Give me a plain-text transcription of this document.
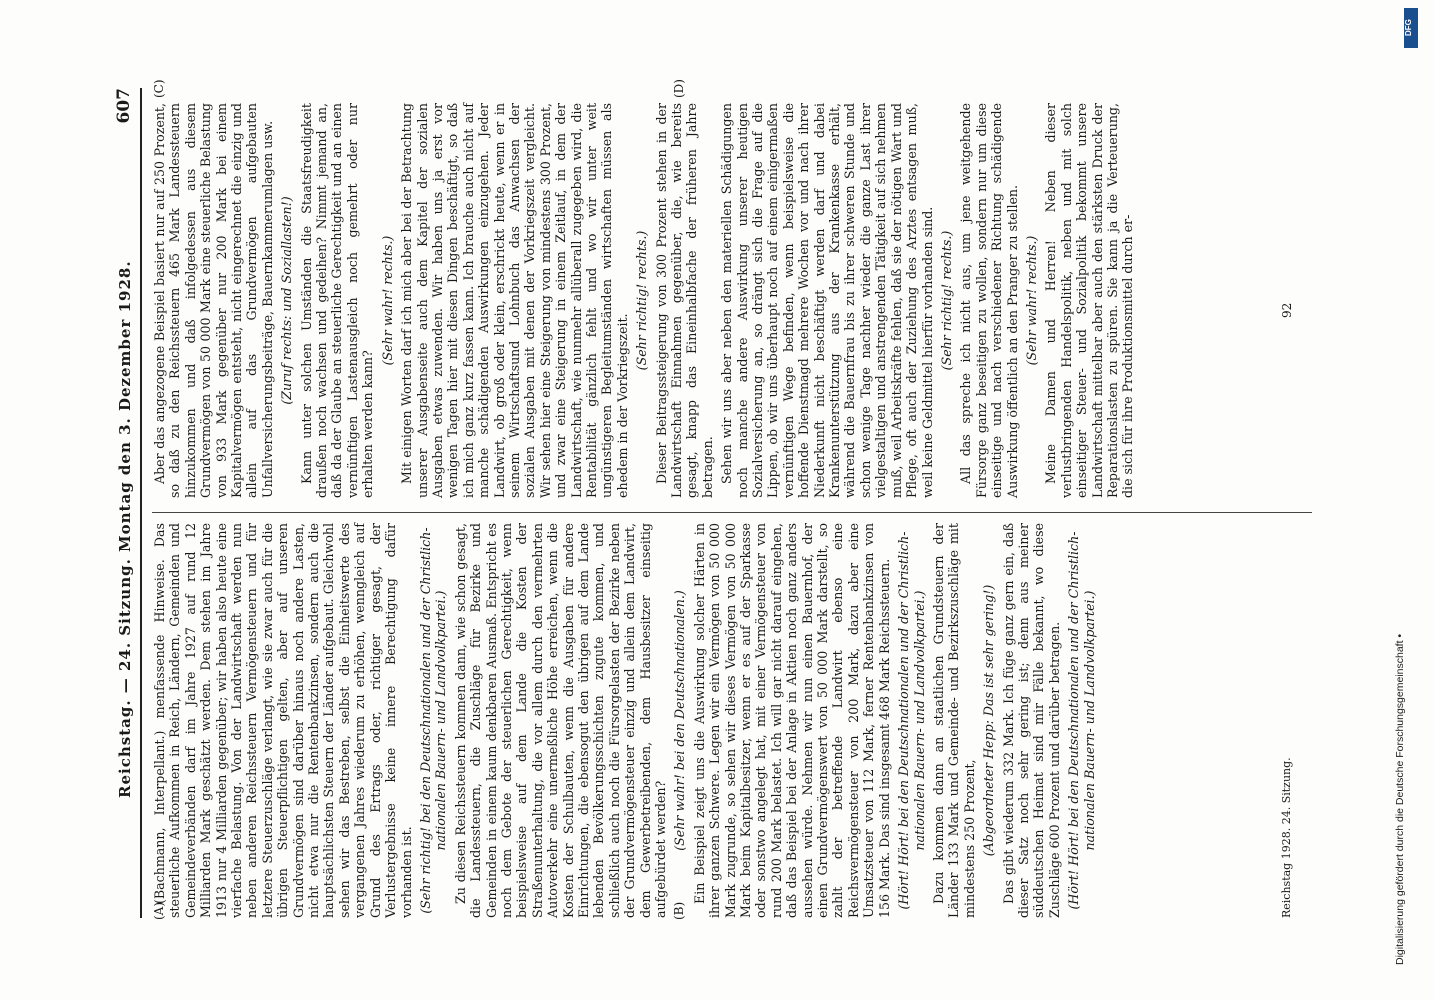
Reichstag. — 24. Sitzung. Montag den 3. Dezember 1928.
607
(A)	(B)
(C)	(D)

(Bachmann, Interpellant.) menfassende Hinweise. Das steuerliche Aufkommen in Reich, Ländern, Gemeinden und Gemeindeverbänden darf im Jahre 1927 auf rund 12 Milliarden Mark geschätzt werden. Dem stehen im Jahre 1913 nur 4 Milliarden gegenüber; wir haben also heute eine vierfache Belastung. Von der Landwirtschaft werden nun neben anderen Reichssteuern Vermögensteuern und für letztere Steuerzuschläge verlangt, wie sie zwar auch für die übrigen Steuerpflichtigen gelten, aber auf unseren Grundvermögen sind darüber hinaus noch andere Lasten, nicht etwa nur die Rentenbankzinsen, sondern auch die hauptsächlichsten Steuern der Länder aufgebaut. Gleichwohl sehen wir das Bestreben, selbst die Einheitswerte des vergangenen Jahres wiederum zu erhöhen, wenngleich auf Grund des Ertrags oder, richtiger gesagt, der Verlustergebnisse keine innere Berechtigung dafür vorhanden ist. (Sehr richtig! bei den Deutschnationalen und der Christlich-nationalen Bauern- und Landvolkpartei.) Zu diesen Reichssteuern kommen dann, wie schon gesagt, die Landessteuern, die Zuschläge für Bezirke und Gemeinden in einem kaum denkbaren Ausmaß. Entspricht es noch dem Gebote der steuerlichen Gerechtigkeit, wenn beispielsweise auf dem Lande die Kosten der Straßenunterhaltung, die vor allem durch den vermehrten Autoverkehr eine unermeßliche Höhe erreichen, wenn die Kosten der Schulbauten, wenn die Ausgaben für andere Einrichtungen, die ebensogut den übrigen auf dem Lande lebenden Bevölkerungsschichten zugute kommen, und schließlich auch noch die Fürsorgelasten der Bezirke neben der Grundvermögensteuer einzig und allein dem Landwirt, dem Gewerbetreibenden, dem Hausbesitzer einseitig aufgebürdet werden? (Sehr wahr! bei den Deutschnationalen.) Ein Beispiel zeigt uns die Auswirkung solcher Härten in ihrer ganzen Schwere. Legen wir ein Vermögen von 50 000 Mark zugrunde, so sehen wir dieses Vermögen von 50 000 Mark beim Kapitalbesitzer, wenn er es auf der Sparkasse oder sonstwo angelegt hat, mit einer Vermögensteuer von rund 200 Mark belastet. Ich will gar nicht darauf eingehen, daß das Beispiel bei der Anlage in Aktien noch ganz anders aussehen würde. Nehmen wir nun einen Bauernhof, der einen Grundvermögenswert von 50 000 Mark darstellt, so zahlt der betreffende Landwirt ebenso eine Reichsvermögensteuer von 200 Mark, dazu aber eine Umsatzsteuer von 112 Mark, ferner Rentenbankzinsen von 156 Mark. Das sind insgesamt 468 Mark Reichssteuern. (Hört! Hört! bei den Deutschnationalen und der Christlich-nationalen Bauern- und Landvolkpartei.) Dazu kommen dann an staatlichen Grundsteuern der Länder 133 Mark und Gemeinde- und Bezirkszuschläge mit mindestens 250 Prozent, (Abgeordneter Hepp: Das ist sehr gering!) Das gibt wiederum 332 Mark. Ich füge ganz gern ein, daß dieser Satz noch sehr gering ist; denn aus meiner süddeutschen Heimat sind mir Fälle bekannt, wo diese Zuschläge 600 Prozent und darüber betragen. (Hört! Hört! bei den Deutschnationalen und der Christlich-nationalen Bauern- und Landvolkpartei.)

Aber das angezogene Beispiel basiert nur auf 250 Prozent, so daß zu den Reichssteuern 465 Mark Landessteuern hinzukommen und daß infolgedessen aus diesem Grundvermögen von 50 000 Mark eine steuerliche Belastung von 933 Mark gegenüber nur 200 Mark bei einem Kapitalvermögen entsteht, nicht eingerechnet die einzig und allein auf das Grundvermögen aufgebauten Unfallversicherungsbeiträge, Bauernkammerumlagen usw. (Zuruf rechts: und Soziallasten!) Kann unter solchen Umständen die Staatsfreudigkeit draußen noch wachsen und gedeihen? Nimmt jemand an, daß da der Glaube an steuerliche Gerechtigkeit und an einen vernünftigen Lastenausgleich noch gemehrt oder nur erhalten werden kann?

(Sehr wahr! rechts.) Mit einigen Worten darf ich mich aber bei der Betrachtung unserer Ausgabenseite auch dem Kapitel der sozialen Ausgaben etwas zuwenden. Wir haben uns ja erst vor wenigen Tagen hier mit diesen Dingen beschäftigt, so daß ich mich ganz kurz fassen kann. Ich brauche auch nicht auf manche schädigenden Auswirkungen einzugehen. Jeder Landwirt, ob groß oder klein, erschrickt heute, wenn er in seinem Wirtschaftsund Lohnbuch das Anwachsen der sozialen Ausgaben mit denen der Vorkriegszeit vergleicht. Wir sehen hier eine Steigerung von mindestens 300 Prozent, und zwar eine Steigerung in einem Zeitlauf, in dem der Landwirtschaft, wie nunmehr allüberall zugegeben wird, die Rentabilität gänzlich fehlt und wo wir unter weit ungünstigeren Begleitumständen wirtschaften müssen als ehedem in der Vorkriegszeit.

(Sehr richtig! rechts.) Dieser Beitragssteigerung von 300 Prozent stehen in der Landwirtschaft Einnahmen gegenüber, die, wie bereits gesagt, knapp das Eineinhalbfache der früheren Jahre betragen. Sehen wir uns aber neben den materiellen Schädigungen noch manche andere Auswirkung unserer heutigen Sozialversicherung an, so drängt sich die Frage auf die Lippen, ob wir uns überhaupt noch auf einem einigermaßen vernünftigen Wege befinden, wenn beispielsweise die hoffende Dienstmagd mehrere Wochen vor und nach ihrer Niederkunft nicht beschäftigt werden darf und dabei Krankenunterstützung aus der Krankenkasse erhält, während die Bauernfrau bis zu ihrer schweren Stunde und schon wenige Tage nachher wieder die ganze Last ihrer vielgestaltigen und anstrengenden Tätigkeit auf sich nehmen muß, weil Arbeitskräfte fehlen, daß sie der nötigen Wart und Pflege, oft auch der Zuziehung des Arztes entsagen muß, weil keine Geldmittel hierfür vorhanden sind. (Sehr richtig! rechts.) All das spreche ich nicht aus, um jene weitgehende Fürsorge ganz beseitigen zu wollen, sondern nur um diese einseitige und nach verschiedener Richtung schädigende Auswirkung öffentlich an den Pranger zu stellen. (Sehr wahr! rechts.) Meine Damen und Herren! Neben dieser verlustbringenden Handelspolitik, neben und mit solch einseitiger Steuer- und Sozialpolitik bekommt unsere Landwirtschaft mittelbar aber auch den stärksten Druck der Reparationslasten zu spüren. Sie kann ja die Verteuerung, die sich für ihre Produktionsmittel durch er-

Reichstag 1928. 24. Sitzung.
92
DFG
Digitalisierung gefördert durch die Deutsche Forschungsgemeinschaft •
